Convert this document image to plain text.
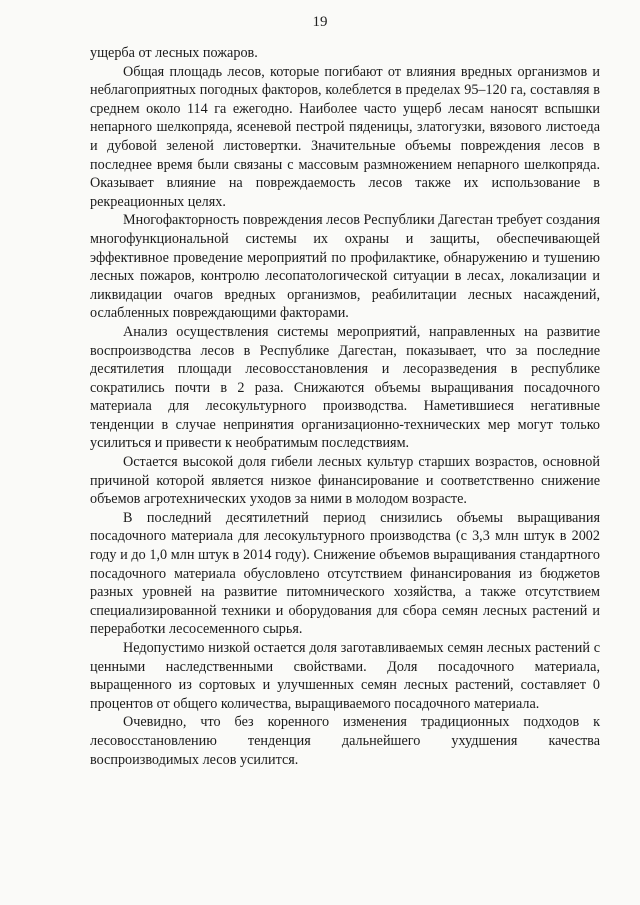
19

ущерба от лесных пожаров.

Общая площадь лесов, которые погибают от влияния вредных организмов и неблагоприятных погодных факторов, колеблется в пределах 95–120 га, составляя в среднем около 114 га ежегодно. Наиболее часто ущерб лесам наносят вспышки непарного шелкопряда, ясеневой пестрой пяденицы, златогузки, вязового листоеда и дубовой зеленой листовертки. Значительные объемы повреждения лесов в последнее время были связаны с массовым размножением непарного шелкопряда. Оказывает влияние на повреждаемость лесов также их использование в рекреационных целях.

Многофакторность повреждения лесов Республики Дагестан требует создания многофункциональной системы их охраны и защиты, обеспечивающей эффективное проведение мероприятий по профилактике, обнаружению и тушению лесных пожаров, контролю лесопатологической ситуации в лесах, локализации и ликвидации очагов вредных организмов, реабилитации лесных насаждений, ослабленных повреждающими факторами.

Анализ осуществления системы мероприятий, направленных на развитие воспроизводства лесов в Республике Дагестан, показывает, что за последние десятилетия площади лесовосстановления и лесоразведения в республике сократились почти в 2 раза. Снижаются объемы выращивания посадочного материала для лесокультурного производства. Наметившиеся негативные тенденции в случае непринятия организационно-технических мер могут только усилиться и привести к необратимым последствиям.

Остается высокой доля гибели лесных культур старших возрастов, основной причиной которой является низкое финансирование и соответственно снижение объемов агротехнических уходов за ними в молодом возрасте.

В последний десятилетний период снизились объемы выращивания посадочного материала для лесокультурного производства (с 3,3 млн штук в 2002 году и до 1,0 млн штук в 2014 году). Снижение объемов выращивания стандартного посадочного материала обусловлено отсутствием финансирования из бюджетов разных уровней на развитие питомнического хозяйства, а также отсутствием специализированной техники и оборудования для сбора семян лесных растений и переработки лесосеменного сырья.

Недопустимо низкой остается доля заготавливаемых семян лесных растений с ценными наследственными свойствами. Доля посадочного материала, выращенного из сортовых и улучшенных семян лесных растений, составляет 0 процентов от общего количества, выращиваемого посадочного материала.

Очевидно, что без коренного изменения традиционных подходов к лесовосстановлению тенденция дальнейшего ухудшения качества воспроизводимых лесов усилится.
